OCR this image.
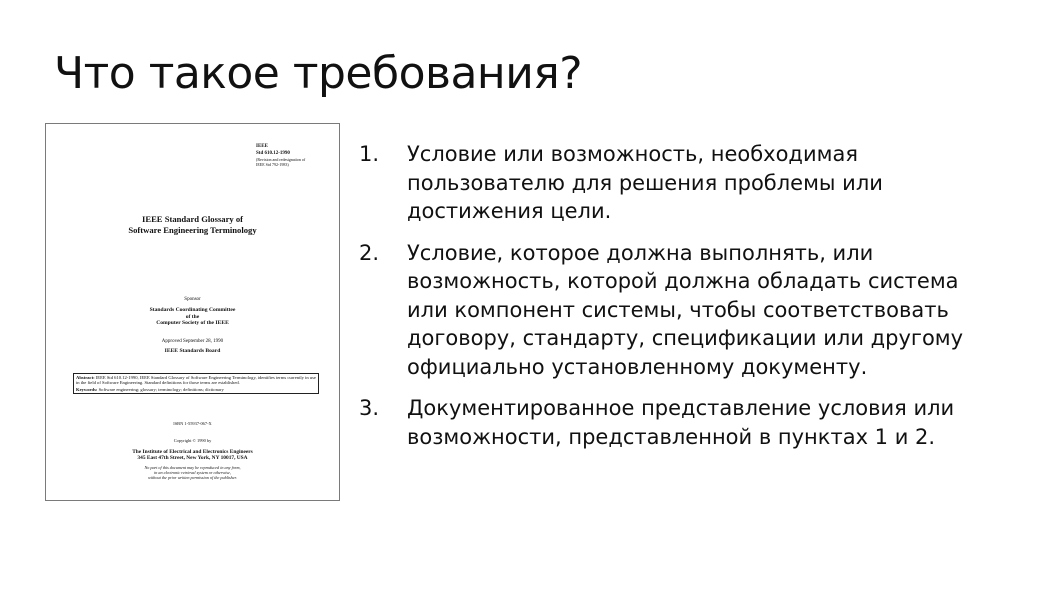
Что такое требования?
IEEE
Std 610.12-1990
(Revision and redesignation of
IEEE Std 792-1983)
IEEE Standard Glossary of
Software Engineering Terminology
Sponsor
Standards Coordinating Committee
of the
Computer Society of the IEEE
Approved September 28, 1990
IEEE Standards Board
Abstract: IEEE Std 610.12-1990, IEEE Standard Glossary of Software Engineering Terminology, identifies terms currently in use in the field of Software Engineering. Standard definitions for those terms are established.
Keywords: Software engineering; glossary; terminology; definitions; dictionary
ISBN 1-55937-067-X
Copyright © 1990 by
The Institute of Electrical and Electronics Engineers
345 East 47th Street, New York, NY 10017, USA
No part of this document may be reproduced in any form,
in an electronic retrieval system or otherwise,
without the prior written permission of the publisher.
1. Условие или возможность, необходимая пользователю для решения проблемы или достижения цели.
2. Условие, которое должна выполнять, или возможность, которой должна обладать система или компонент системы, чтобы соответствовать договору, стандарту, спецификации или другому официально установленному документу.
3. Документированное представление условия или возможности, представленной в пунктах 1 и 2.
